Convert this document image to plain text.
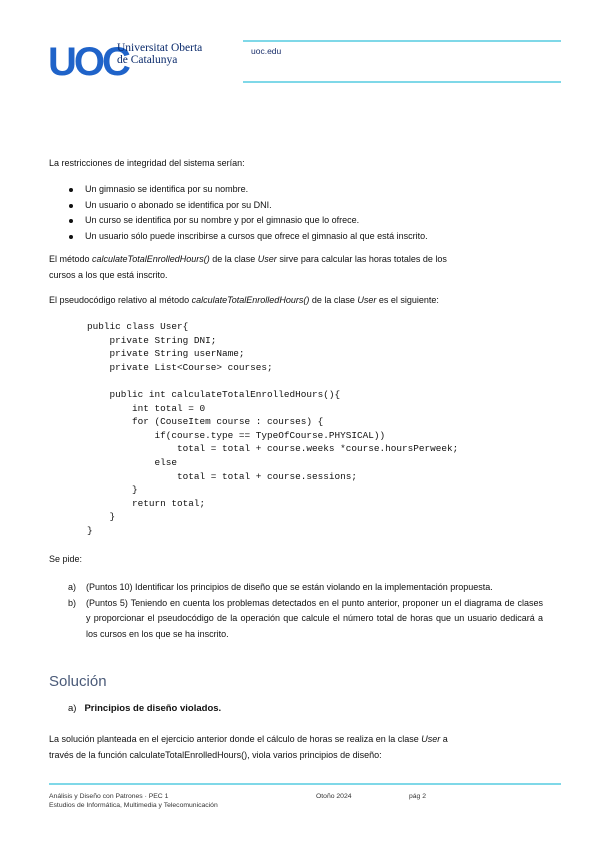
UOC
Universitat Oberta
de Catalunya
uoc.edu
La restricciones de integridad del sistema serían:
Un gimnasio se identifica por su nombre.
Un usuario o abonado se identifica por su DNI.
Un curso se identifica por su nombre y por el gimnasio que lo ofrece.
Un usuario sólo puede inscribirse a cursos que ofrece el gimnasio al que está inscrito.
El método calculateTotalEnrolledHours() de la clase User sirve para calcular las horas totales de los
cursos a los que está inscrito.
El pseudocódigo relativo al método calculateTotalEnrolledHours() de la clase User es el siguiente:
public class User{
private String DNI;
private String userName;
private List<Course> courses;

public int calculateTotalEnrolledHours(){
int total = 0
for (CouseItem course : courses) {
if(course.type == TypeOfCourse.PHYSICAL))
total = total + course.weeks *course.hoursPerweek;
else
total = total + course.sessions;
}
return total;
}
}
Se pide:
a) (Puntos 10) Identificar los principios de diseño que se están violando en la implementación propuesta.
b) (Puntos 5) Teniendo en cuenta los problemas detectados en el punto anterior, proponer un el diagrama de clases y proporcionar el pseudocódigo de la operación que calcule el número total de horas que un usuario dedicará a los cursos en los que se ha inscrito.
Solución
a) Principios de diseño violados.
La solución planteada en el ejercicio anterior donde el cálculo de horas se realiza en la clase User a
través de la función calculateTotalEnrolledHours(), viola varios principios de diseño:
Análisis y Diseño con Patrones · PEC 1
Estudios de Informática, Multimedia y Telecomunicación
Otoño 2024	pág 2
